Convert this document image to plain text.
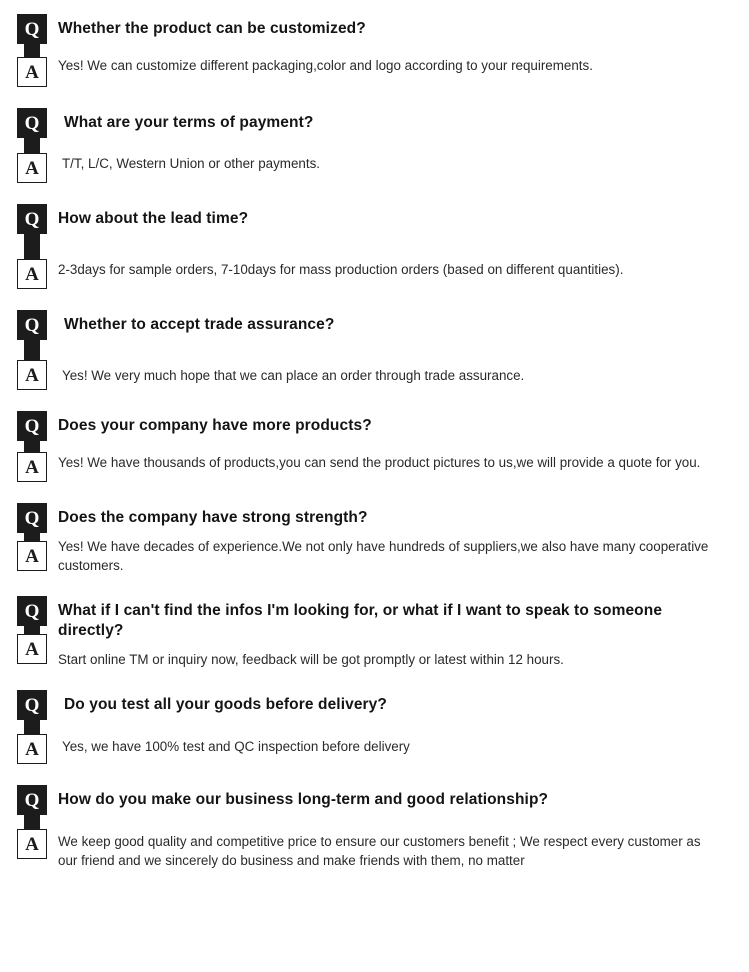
Q
A

Whether the product can be customized?

Yes! We can customize different packaging,color and logo according to your requirements.

Q
A

What are your terms of payment?

T/T, L/C, Western Union or other payments.

Q
A

How about the lead time?

2-3days for sample orders, 7-10days for mass production orders (based on different quantities).

Q
A

Whether to accept trade assurance?

Yes! We very much hope that we can place an order through trade assurance.

Q
A

Does your company have more products?

Yes! We have thousands of products,you can send the product pictures to us,we will provide a quote for you.

Q
A

Does the company have strong strength?

Yes! We have decades of experience.We not only have hundreds of suppliers,we also have many cooperative customers.

Q
A

What if I can't find the infos I'm looking for, or what if I want to speak to someone directly?

Start online TM or inquiry now, feedback will be got promptly or latest within 12 hours.

Q
A

Do you test all your goods before delivery?

Yes, we have 100% test and QC inspection before delivery

Q
A

How do you make our business long-term and good relationship?

We keep good quality and competitive price to ensure our customers benefit ; We respect every customer as our friend and we sincerely do business and make friends with them, no matter
